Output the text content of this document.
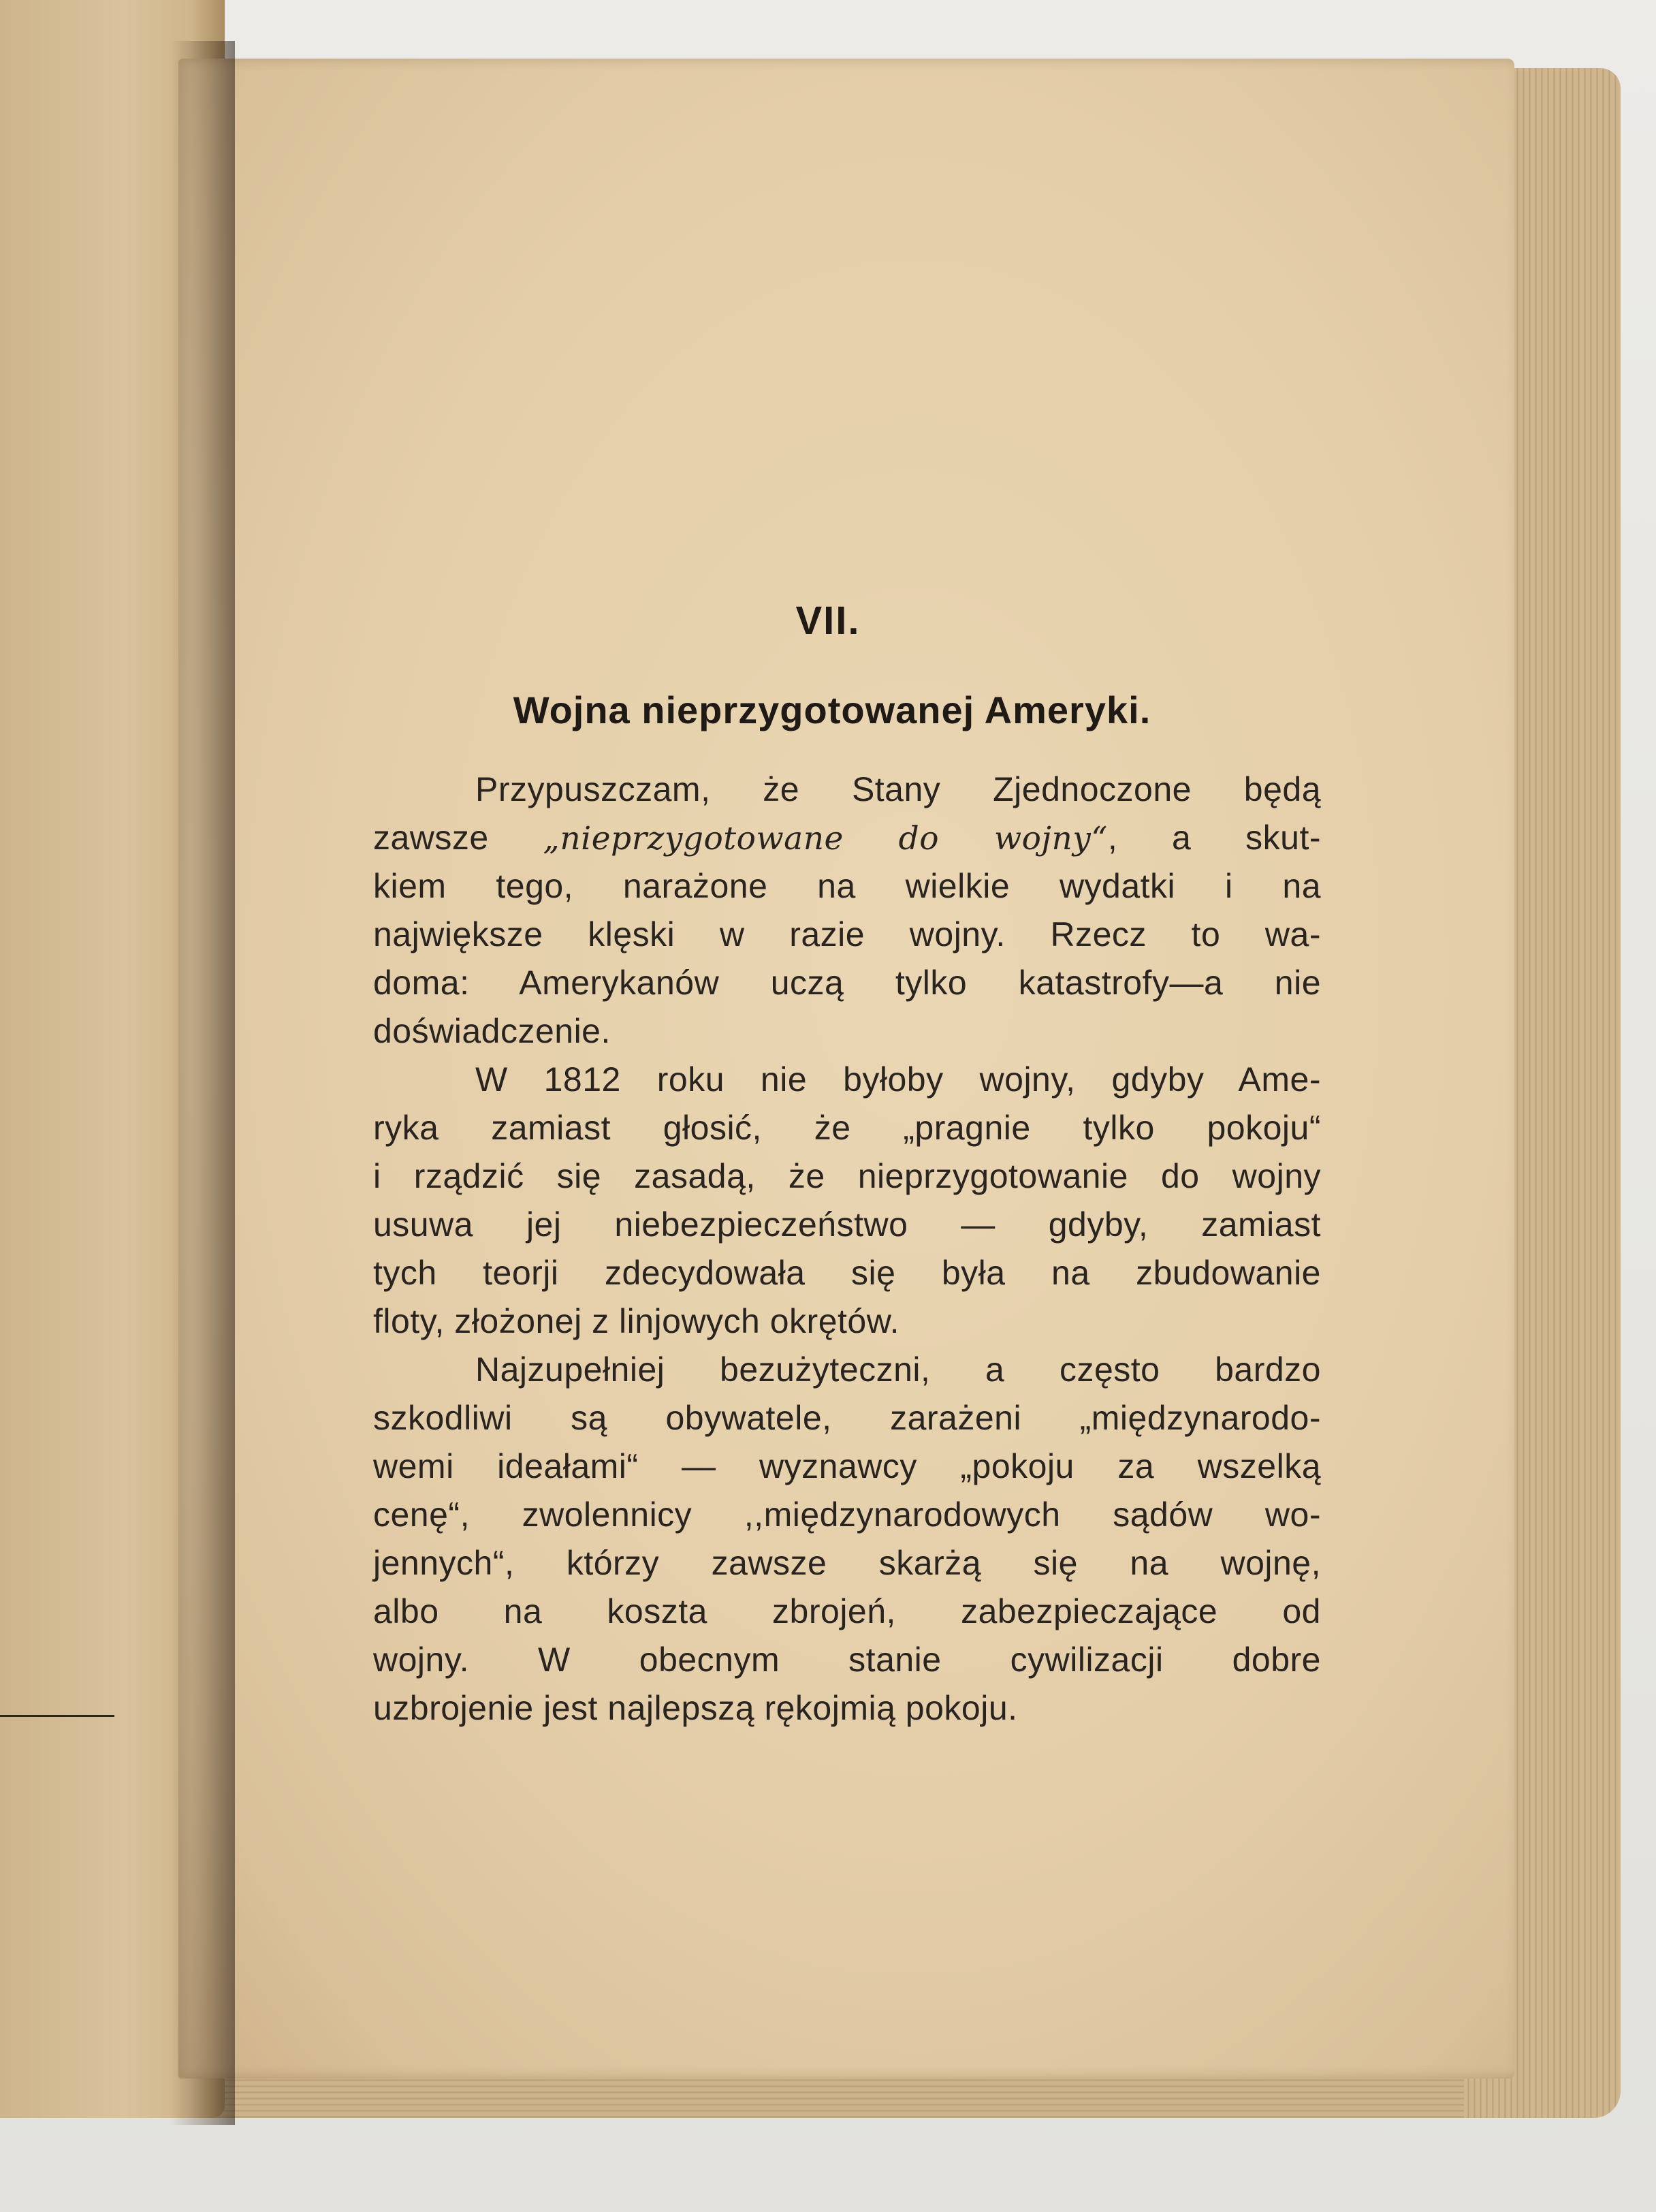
VII.
Wojna nieprzygotowanej Ameryki.
Przypuszczam, że Stany Zjednoczone będą
zawsze „nieprzygotowane do wojny“, a skut-
kiem tego, narażone na wielkie wydatki i na
największe klęski w razie wojny. Rzecz to wa-
doma: Amerykanów uczą tylko katastrofy—a nie
doświadczenie.
W 1812 roku nie byłoby wojny, gdyby Ame-
ryka zamiast głosić, że „pragnie tylko pokoju“
i rządzić się zasadą, że nieprzygotowanie do wojny
usuwa jej niebezpieczeństwo — gdyby, zamiast
tych teorji zdecydowała się była na zbudowanie
floty, złożonej z linjowych okrętów.
Najzupełniej bezużyteczni, a często bardzo
szkodliwi są obywatele, zarażeni „międzynarodo-
wemi ideałami“ — wyznawcy „pokoju za wszelką
cenę“, zwolennicy ,,międzynarodowych sądów wo-
jennych“, którzy zawsze skarżą się na wojnę,
albo na koszta zbrojeń, zabezpieczające od
wojny. W obecnym stanie cywilizacji dobre
uzbrojenie jest najlepszą rękojmią pokoju.
